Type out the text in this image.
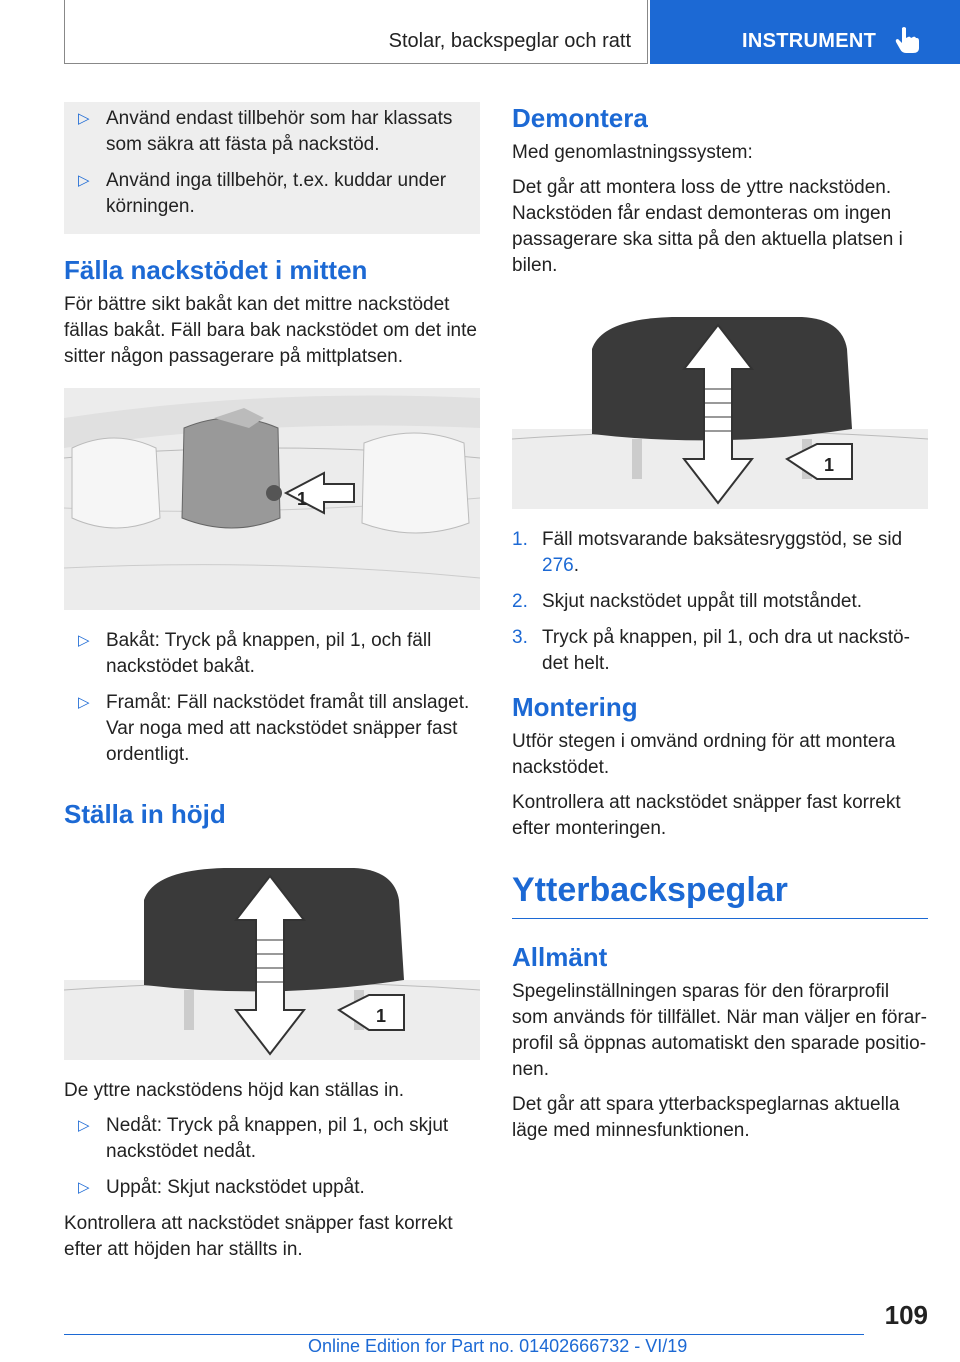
Stolar, backspeglar och ratt	INSTRUMENT
▷ Använd endast tillbehör som har klassats som säkra att fästa på nackstöd.
▷ Använd inga tillbehör, t.ex. kuddar under körningen.
Fälla nackstödet i mitten

För bättre sikt bakåt kan det mittre nackstödet fällas bakåt. Fäll bara bak nackstödet om det inte sitter någon passagerare på mittplatsen.

1
▷ Bakåt: Tryck på knappen, pil 1, och fäll nackstödet bakåt.
▷ Framåt: Fäll nackstödet framåt till anslaget. Var noga med att nackstödet snäpper fast ordentligt.
Ställa in höjd
1

De yttre nackstödens höjd kan ställas in.

▷ Nedåt: Tryck på knappen, pil 1, och skjut nackstödet nedåt.
▷ Uppåt: Skjut nackstödet uppåt.

Kontrollera att nackstödet snäpper fast korrekt efter att höjden har ställts in.

Demontera

Med genomlastningssystem:

Det går att montera loss de yttre nackstöden. Nackstöden får endast demonteras om ingen passagerare ska sitta på den aktuella platsen i bilen.

1
1. Fäll motsvarande baksätesryggstöd, se sid 276.
2. Skjut nackstödet uppåt till motståndet.
3. Tryck på knappen, pil 1, och dra ut nackstödet helt.
Montering

Utför stegen i omvänd ordning för att montera nackstödet.

Kontrollera att nackstödet snäpper fast korrekt efter monteringen.

Ytterbackspeglar
Allmänt

Spegelinställningen sparas för den förarprofil som används för tillfället. När man väljer en förarprofil så öppnas automatiskt den sparade positionen.

Det går att spara ytterbackspeglarnas aktuella läge med minnesfunktionen.

109
Online Edition for Part no. 01402666732 - VI/19
